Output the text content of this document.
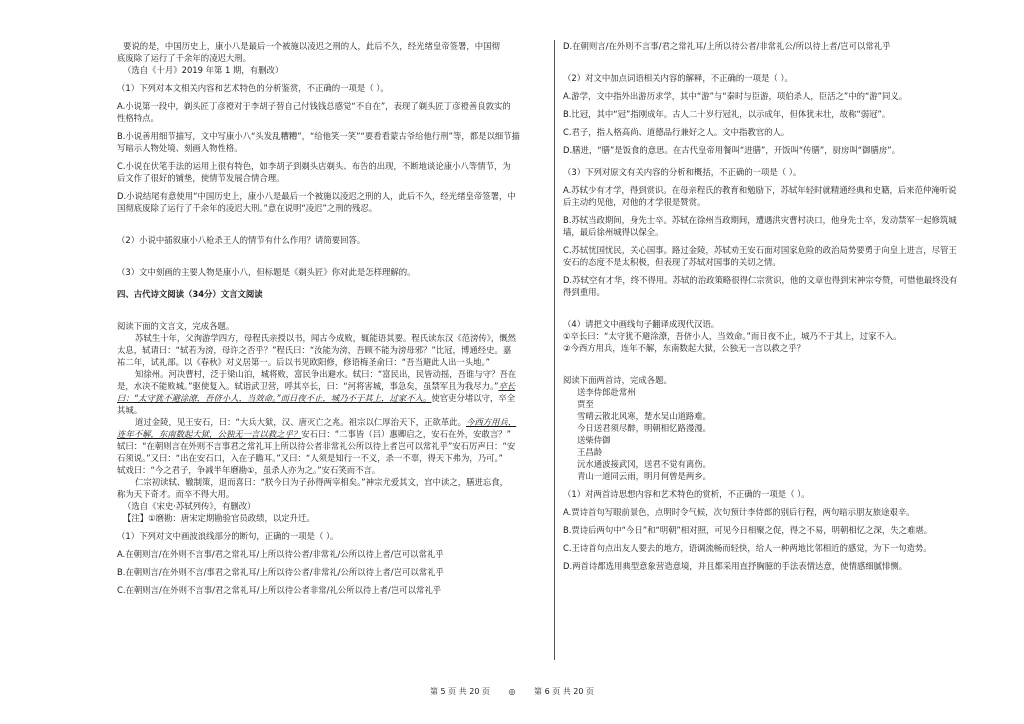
要说的是，中国历史上，康小八是最后一个被施以凌迟之刑的人，此后不久，经光绪皇帝签署，中国彻

底废除了运行了千余年的凌迟大刑。

（选自《十月》2019 年第 1 期，有删改）

（1）下列对本文相关内容和艺术特色的分析鉴赏，不正确的一项是（ ）。

A.小说第一段中，剃头匠丁彦䙞对于李胡子替自己付钱钱总感觉“不自在”，表现了剃头匠丁彦䙞善良敦实的

性格特点。

B.小说善用细节描写，文中写康小八“头发乱糟糟”，“给他笑一笑”“要看看蒙古爷给他行刑”等，都是以细节描

写暗示人物处境、刻画人物性格。

C.小说在伏笔手法的运用上很有特色，如李胡子到剃头店剃头、布告的出现，不断地谈论康小八等情节，为

后文作了很好的铺垫，使情节发展合情合理。

D.小说结尾有意使用“中国历史上，康小八是最后一个被施以凌迟之刑的人，此后不久，经光绪皇帝签署，中

国彻底废除了运行了千余年的凌迟大刑。”意在说明“凌迟”之刑的残忍。

（2）小说中插叙康小八枪杀王人的情节有什么作用？请简要回答。

（3）文中刻画的主要人物是康小八，但标题是《剃头匠》你对此是怎样理解的。

四、古代诗文阅读（34分）文言文阅读

阅读下面的文言文，完成各题。

苏轼生十年，父洵游学四方，母程氏亲授以书，闻古今成败，辄能语其要。程氏读东汉《范滂传》，慨然

太息，轼请曰：“轼若为滂，母许之否乎？”程氏曰：“汝能为滂，吾顾不能为滂母邪？”比冠，博通经史。嘉

祐二年，试礼部。以《春秋》对义居第一。后以书见欧阳修，修语梅圣俞曰：“吾当避此人出一头地。”

知徐州。河决曹村，泛于梁山泊，城将败，富民争出避水。轼曰：“富民出，民皆动摇，吾谁与守？吾在

是，水决不能败城。”驱使复入。轼诣武卫营，呼其卒长，曰：“河将害城，事急矣，虽禁军且为我尽力。”卒长

曰：“太守犹不避涂潦，吾侪小人，当效命。”而日夜不止，城乃不于其上，过家不入。使官吏分堵以守，卒全

其城。

道过金陵，见王安石，曰：“大兵大狱，汉、唐灭亡之兆。祖宗以仁厚治天下，正欲革此。今西方用兵，

连年不解，东南数起大狱，公独无一言以救之乎？安石曰：“二事皆（吕）惠卿启之，安石在外，安敢言？”

轼曰：“在朝则言在外则不言事君之常礼耳上所以待公者非常礼公所以待上者岂可以常礼乎”安石厉声曰：“安

石须说。”又曰：“出在安石口，入在子瞻耳。”又曰：“人须是知行一不义，杀一不辜，得天下弗为，乃可。”

轼戏曰：“今之君子，争减半年磨勘①，虽杀人亦为之。”安石笑而不言。

仁宗初读轼、辙制策，退而喜曰：“朕今日为子孙得两宰相矣。”神宗尤爱其文，宫中读之，膳进忘食，

称为天下奇才。而卒不得大用。

（选自《宋史·苏轼列传》，有删改）

【注】①磨勘：唐宋定期勘验官员政绩，以定升迁。

（1）下列对文中画波浪线部分的断句，正确的一项是（ ）。

A.在朝则言/在外则不言事/君之常礼耳/上所以待公者/非常礼/公所以待上者/岂可以常礼乎

B.在朝则言/在外则不言/事君之常礼耳/上所以待公者/非常礼/公所以待上者/岂可以常礼乎

C.在朝则言/在外则不言事/君之常礼耳/上所以待公者非常/礼公所以待上者/岂可以常礼乎

D.在朝则言/在外则不言事/君之常礼耳/上所以待公者/非常礼公/所以待上者/岂可以常礼乎

（2）对文中加点词语相关内容的解释，不正确的一项是（ ）。

A.游学，文中指外出游历求学，其中“游”与“秦时与臣游，项伯杀人，臣活之”中的“游”同义。

B.比冠，其中“冠”指刚成年。古人二十岁行冠礼，以示成年，但体犹未壮，故称“弱冠”。

C.君子，指人格高尚、道德品行兼好之人。文中指教官的人。

D.膳进，“膳”是饭食的意思。在古代皇帝用餐叫“进膳”，开饭叫“传膳”，厨房叫“御膳房”。

（3）下列对原文有关内容的分析和概括，不正确的一项是（ ）。

A.苏轼少有才学，得到赏识。在母亲程氏的教育和勉励下，苏轼年轻时就精通经典和史籍，后来范仲淹听说

后主动约见他，对他的才学很是赞赏。

B.苏轼当政期间，身先士卒。苏轼在徐州当政期间，遭遇洪灾曹村决口，他身先士卒，发动禁军一起修筑城

墙，最后徐州城得以保全。

C.苏轼忧国忧民，关心国事。路过金陵，苏轼劝王安石面对国家危险的政治局势要勇于向皇上进言，尽管王

安石的态度不是太积极，但表现了苏轼对国事的关切之情。

D.苏轼空有才华，终不得用。苏轼的治政策略很得仁宗赏识，他的文章也得到宋神宗夸赞，可惜他最终没有

得到重用。

（4）请把文中画线句子翻译成现代汉语。

①卒长曰：“太守犹不避涂潦，吾侪小人，当效命。”而日夜不止，城乃不于其上，过家不入。

②今西方用兵，连年不解，东南数起大狱，公独无一言以救之乎？

阅读下面两首诗，完成各题。

送李侍郎赴常州

贾至

雪晴云散北风寒，楚水吴山道路难。

今日送君须尽醉，明朝相忆路漫漫。

送柴侍御

王昌龄

沅水通波接武冈，送君不觉有离伤。

青山一道同云雨，明月何曾是两乡。

（1）对两首诗思想内容和艺术特色的赏析，不正确的一项是（ ）。

A.贾诗首句写眼前景色，点明时令气候，次句预计李侍郎的别后行程，两句暗示朋友旅途艰辛。

B.贾诗后两句中“今日”和“明朝”相对照，可见今日相聚之促，得之不易，明朝相忆之深，失之难堪。

C.王诗首句点出友人要去的地方，语调流畅而轻快，给人一种两地比邻相近的感觉，为下一句造势。

D.两首诗都选用典型意象营造意境，并且都采用直抒胸臆的手法表情达意，使情感细腻悱恻。

第 5 页 共 20 页 ◎ 第 6 页 共 20 页
